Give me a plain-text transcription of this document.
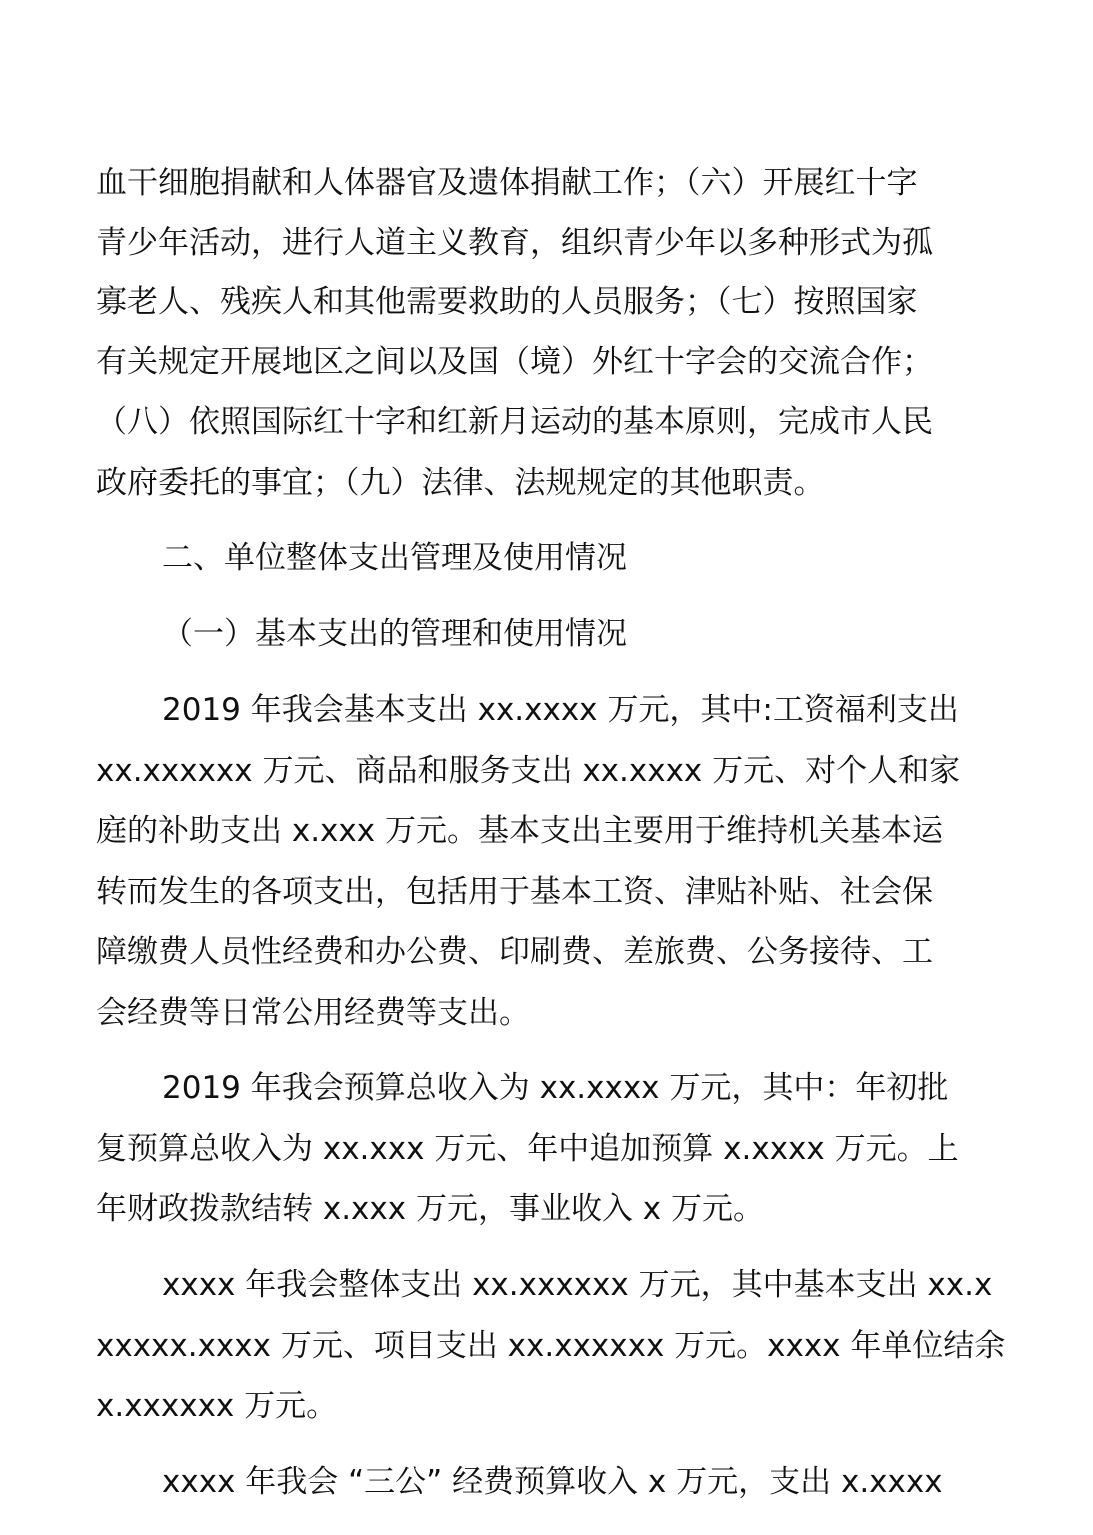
血干细胞捐献和人体器官及遗体捐献工作；（六）开展红十字
青少年活动，进行人道主义教育，组织青少年以多种形式为孤
寡老人、残疾人和其他需要救助的人员服务；（七）按照国家
有关规定开展地区之间以及国（境）外红十字会的交流合作；
（八）依照国际红十字和红新月运动的基本原则，完成市人民
政府委托的事宜；（九）法律、法规规定的其他职责。
二、单位整体支出管理及使用情况
（一）基本支出的管理和使用情况
2019 年我会基本支出 xx.xxxx 万元，其中:工资福利支出
xx.xxxxxx 万元、商品和服务支出 xx.xxxx 万元、对个人和家
庭的补助支出 x.xxx 万元。基本支出主要用于维持机关基本运
转而发生的各项支出，包括用于基本工资、津贴补贴、社会保
障缴费人员性经费和办公费、印刷费、差旅费、公务接待、工
会经费等日常公用经费等支出。
2019 年我会预算总收入为 xx.xxxx 万元，其中：年初批
复预算总收入为 xx.xxx 万元、年中追加预算 x.xxxx 万元。上
年财政拨款结转 x.xxx 万元，事业收入 x 万元。
xxxx 年我会整体支出 xx.xxxxxx 万元，其中基本支出 xx.x
xxxxx.xxxx 万元、项目支出 xx.xxxxxx 万元。xxxx 年单位结余
x.xxxxxx 万元。
xxxx 年我会 “三公” 经费预算收入 x 万元，支出 x.xxxx
